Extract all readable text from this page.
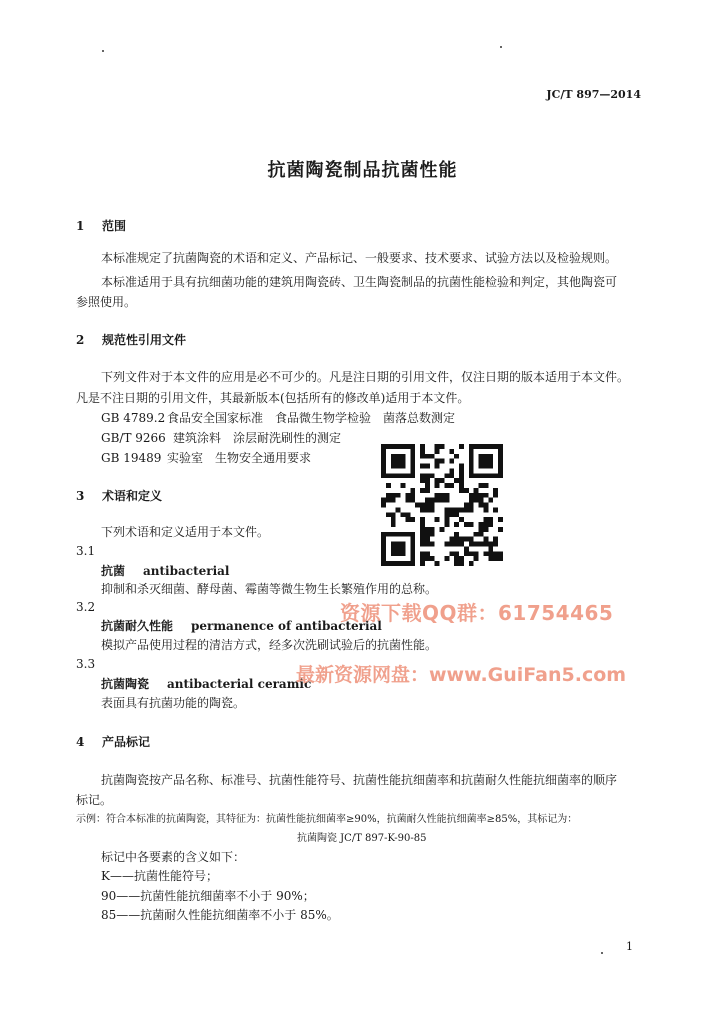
JC/T 897—2014
抗菌陶瓷制品抗菌性能
1 范围
本标准规定了抗菌陶瓷的术语和定义、产品标记、一般要求、技术要求、试验方法以及检验规则。
本标准适用于具有抗细菌功能的建筑用陶瓷砖、卫生陶瓷制品的抗菌性能检验和判定，其他陶瓷可
参照使用。
2 规范性引用文件
下列文件对于本文件的应用是必不可少的。凡是注日期的引用文件，仅注日期的版本适用于本文件。
凡是不注日期的引用文件，其最新版本(包括所有的修改单)适用于本文件。
GB 4789.2 食品安全国家标准　食品微生物学检验　菌落总数测定
GB/T 9266 建筑涂料　涂层耐洗刷性的测定
GB 19489 实验室　生物安全通用要求
3 术语和定义
下列术语和定义适用于本文件。
3.1
抗菌 antibacterial
抑制和杀灭细菌、酵母菌、霉菌等微生物生长繁殖作用的总称。
3.2
抗菌耐久性能 permanence of antibacterial
模拟产品使用过程的清洁方式，经多次洗刷试验后的抗菌性能。
3.3
抗菌陶瓷 antibacterial ceramic
表面具有抗菌功能的陶瓷。
4 产品标记
抗菌陶瓷按产品名称、标准号、抗菌性能符号、抗菌性能抗细菌率和抗菌耐久性能抗细菌率的顺序
标记。
示例：符合本标准的抗菌陶瓷，其特征为：抗菌性能抗细菌率≥90%，抗菌耐久性能抗细菌率≥85%，其标记为：
抗菌陶瓷 JC/T 897-K-90-85
标记中各要素的含义如下：
K——抗菌性能符号；
90——抗菌性能抗细菌率不小于 90%；
85——抗菌耐久性能抗细菌率不小于 85%。
1
资源下载QQ群：61754465
最新资源网盘：www.GuiFan5.com
